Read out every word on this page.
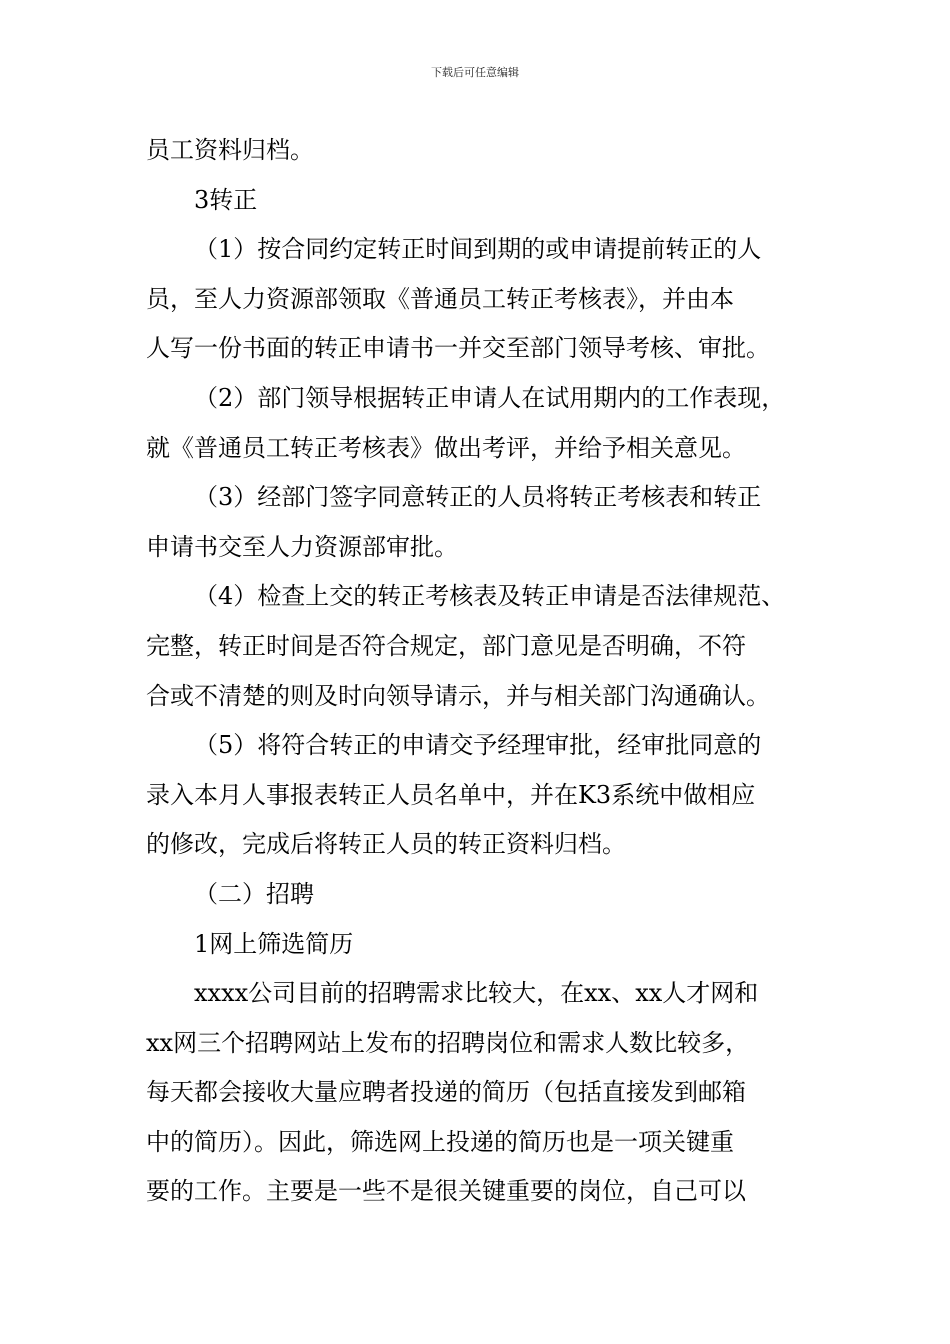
下载后可任意编辑
员工资料归档。
3转正
（1）按合同约定转正时间到期的或申请提前转正的人
员，至人力资源部领取《普通员工转正考核表》，并由本
人写一份书面的转正申请书一并交至部门领导考核、审批。
（2）部门领导根据转正申请人在试用期内的工作表现，
就《普通员工转正考核表》做出考评，并给予相关意见。
（3）经部门签字同意转正的人员将转正考核表和转正
申请书交至人力资源部审批。
（4）检查上交的转正考核表及转正申请是否法律规范、
完整，转正时间是否符合规定，部门意见是否明确，不符
合或不清楚的则及时向领导请示，并与相关部门沟通确认。
（5）将符合转正的申请交予经理审批，经审批同意的
录入本月人事报表转正人员名单中，并在K3系统中做相应
的修改，完成后将转正人员的转正资料归档。
（二）招聘
1网上筛选简历
xxxx公司目前的招聘需求比较大，在xx、xx人才网和
xx网三个招聘网站上发布的招聘岗位和需求人数比较多，
每天都会接收大量应聘者投递的简历（包括直接发到邮箱
中的简历）。因此，筛选网上投递的简历也是一项关键重
要的工作。主要是一些不是很关键重要的岗位，自己可以
